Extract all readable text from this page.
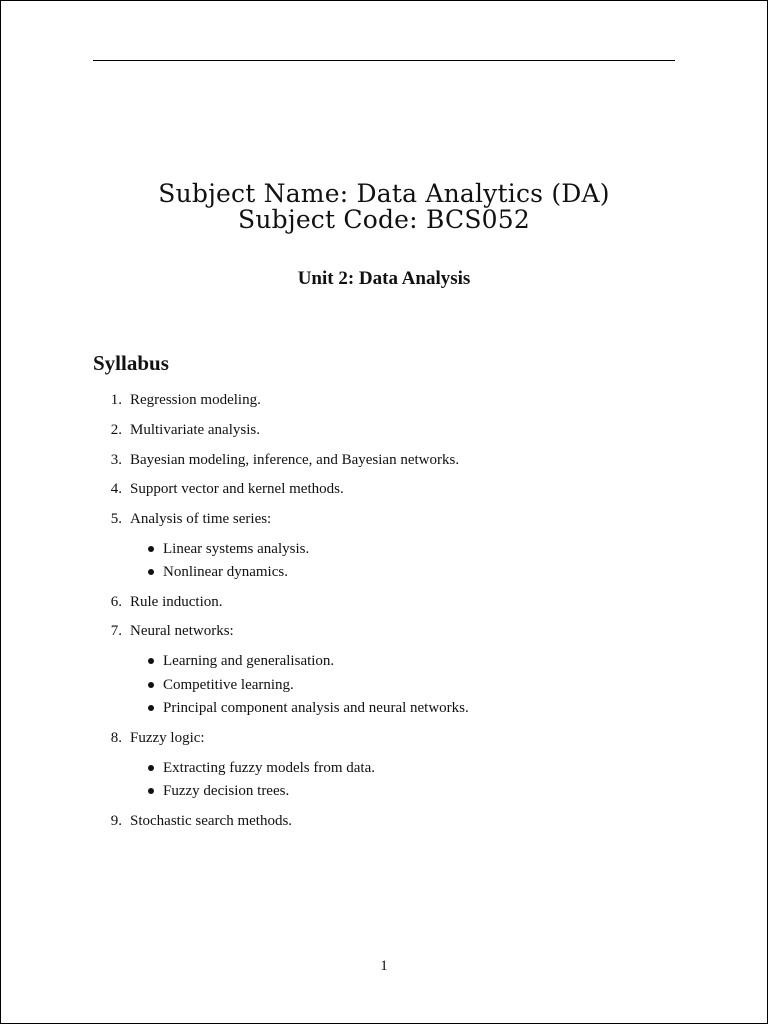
Subject Name: Data Analytics (DA)
Subject Code: BCS052
Unit 2: Data Analysis
Syllabus
1. Regression modeling.
2. Multivariate analysis.
3. Bayesian modeling, inference, and Bayesian networks.
4. Support vector and kernel methods.
5. Analysis of time series:
Linear systems analysis.
Nonlinear dynamics.
6. Rule induction.
7. Neural networks:
Learning and generalisation.
Competitive learning.
Principal component analysis and neural networks.
8. Fuzzy logic:
Extracting fuzzy models from data.
Fuzzy decision trees.
9. Stochastic search methods.
1
